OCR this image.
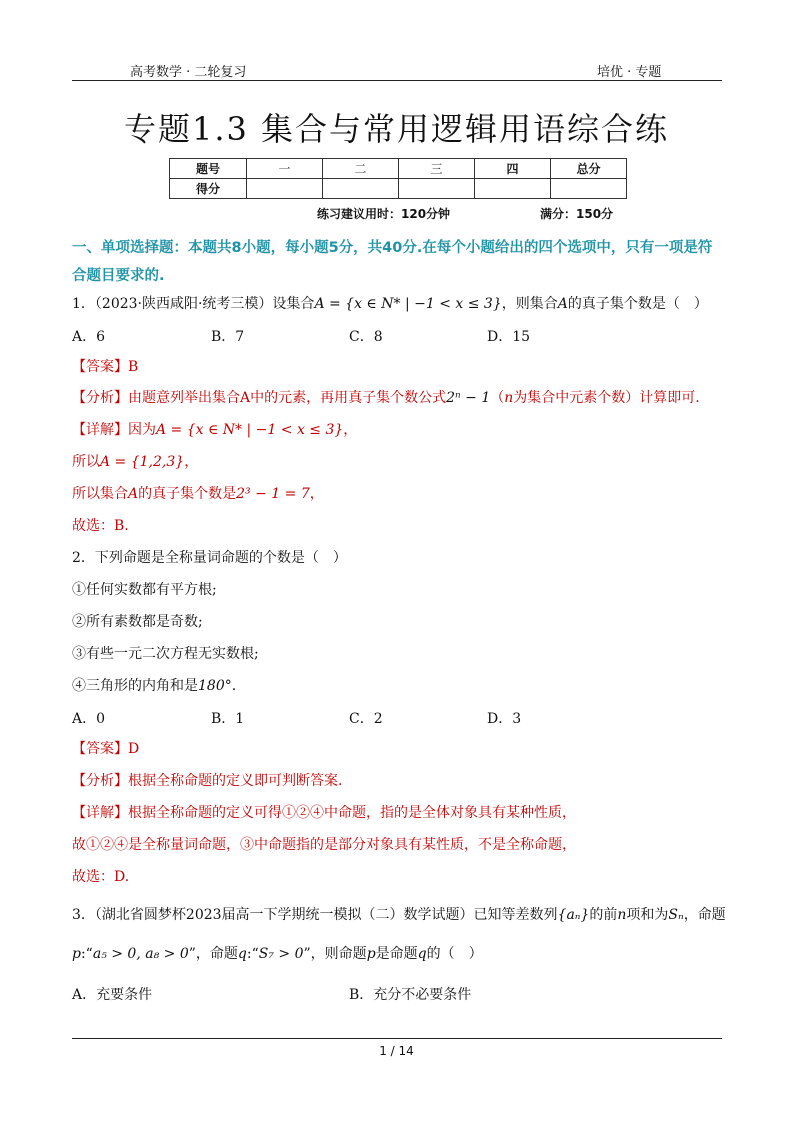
高考数学 · 二轮复习	培优 · 专题
专题1.3 集合与常用逻辑用语综合练
题号	一	二	三	四	总分
得分					
练习建议用时：120分钟	满分：150分
一、单项选择题：本题共8小题，每小题5分，共40分.在每个小题给出的四个选项中，只有一项是符合题目要求的.
1．（2023·陕西咸阳·统考三模）设集合A = {x ∈ N* | −1 < x ≤ 3}，则集合A的真子集个数是（　）
A．6	B．7	C．8	D．15
【答案】B
【分析】由题意列举出集合A中的元素，再用真子集个数公式2ⁿ − 1（n为集合中元素个数）计算即可.
【详解】因为A = {x ∈ N* | −1 < x ≤ 3}，
所以A = {1,2,3}，
所以集合A的真子集个数是2³ − 1 = 7，
故选：B.
2．下列命题是全称量词命题的个数是（　）
①任何实数都有平方根;
②所有素数都是奇数;
③有些一元二次方程无实数根;
④三角形的内角和是180°.
A．0	B．1	C．2	D．3
【答案】D
【分析】根据全称命题的定义即可判断答案.
【详解】根据全称命题的定义可得①②④中命题，指的是全体对象具有某种性质，
故①②④是全称量词命题，③中命题指的是部分对象具有某性质，不是全称命题，
故选：D.
3．（湖北省圆梦杯2023届高一下学期统一模拟（二）数学试题）已知等差数列{aₙ}的前n项和为Sₙ，命题
p:“a₅ > 0, a₈ > 0”，命题q:“S₇ > 0”，则命题p是命题q的（　）
A．充要条件	B．充分不必要条件
1 / 14
